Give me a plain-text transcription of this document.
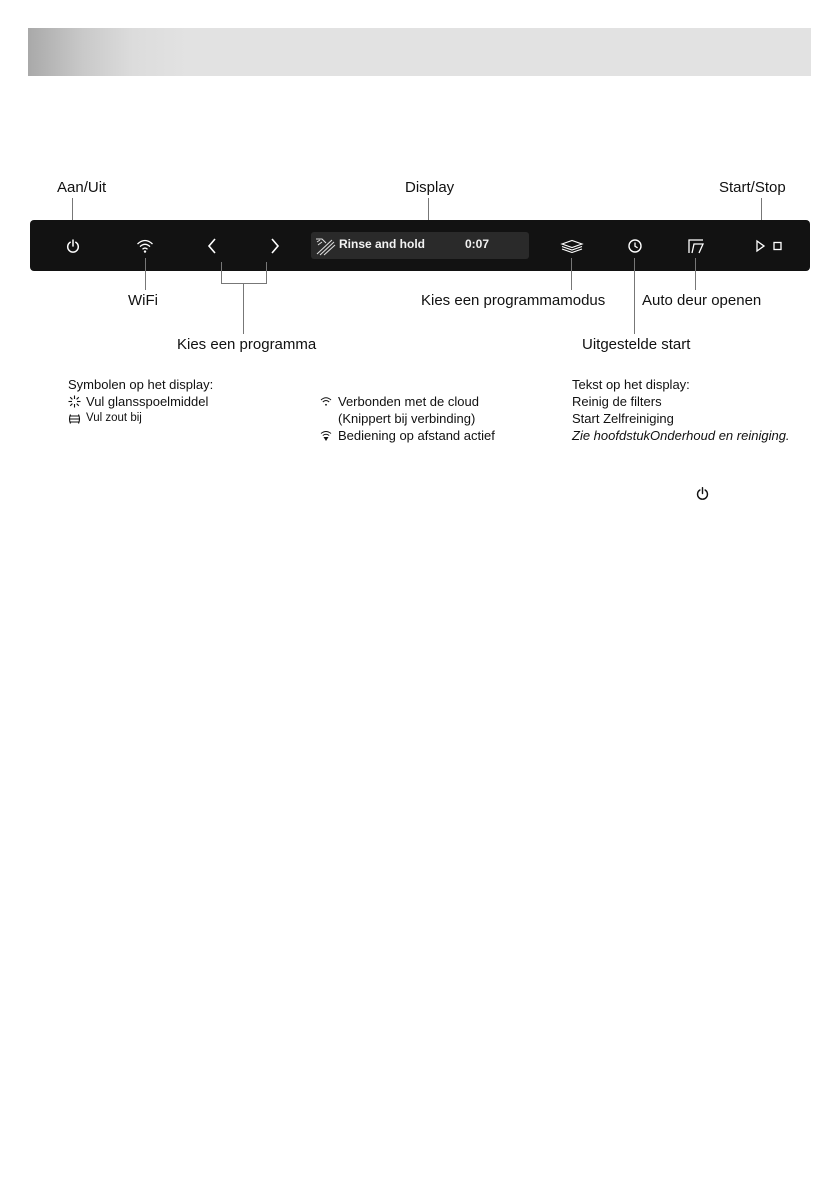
Aan/Uit	Display	Start/Stop
Rinse and hold	0:07
WiFi
Kies een programma
Kies een programmamodus
Uitgestelde start
Auto deur openen
Symbolen op het display:
Vul glansspoelmiddel
Vul zout bij
Verbonden met de cloud
(Knippert bij verbinding)
Bediening op afstand actief
Tekst op het display:
Reinig de filters
Start Zelfreiniging
Zie hoofdstukOnderhoud en reiniging.
